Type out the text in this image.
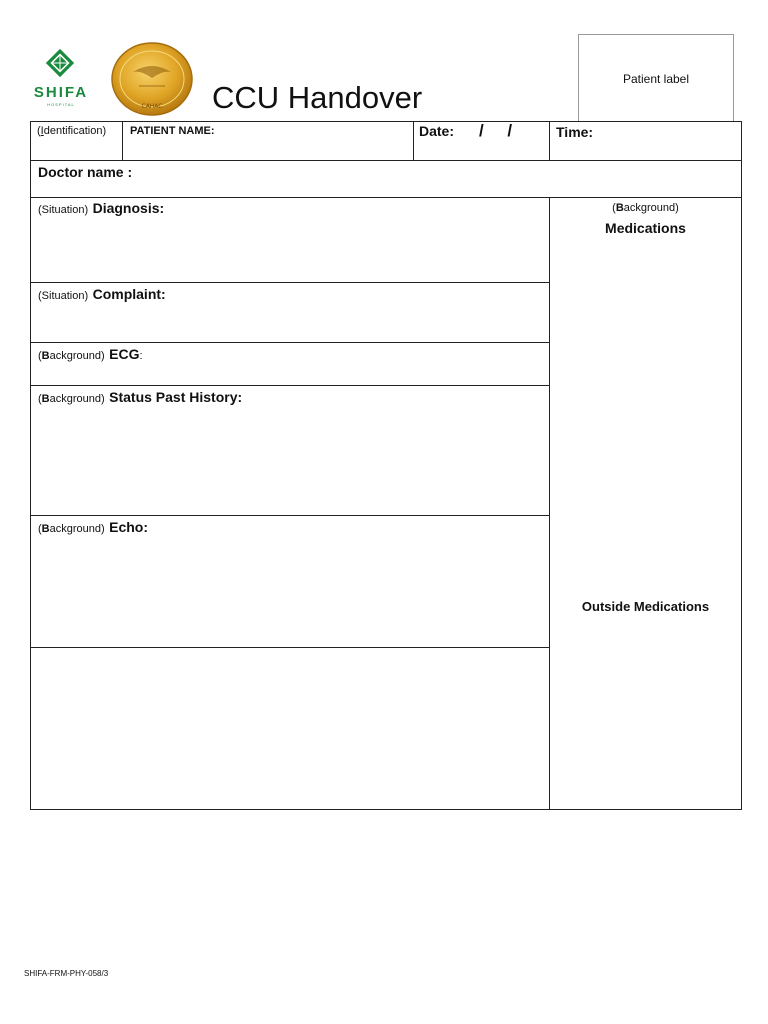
SHIFA
HOSPITAL	CAHAC CCU Handover
Patient label
(Identification) PATIENT NAME:	Date: /     /	Time:
Doctor name :
(Situation) Diagnosis:
(Situation) Complaint:
(Background) ECG:
(Background) Status Past History:
(Background) Echo:
(Background)
Medications
Outside Medications
SHIFA-FRM-PHY-058/3
